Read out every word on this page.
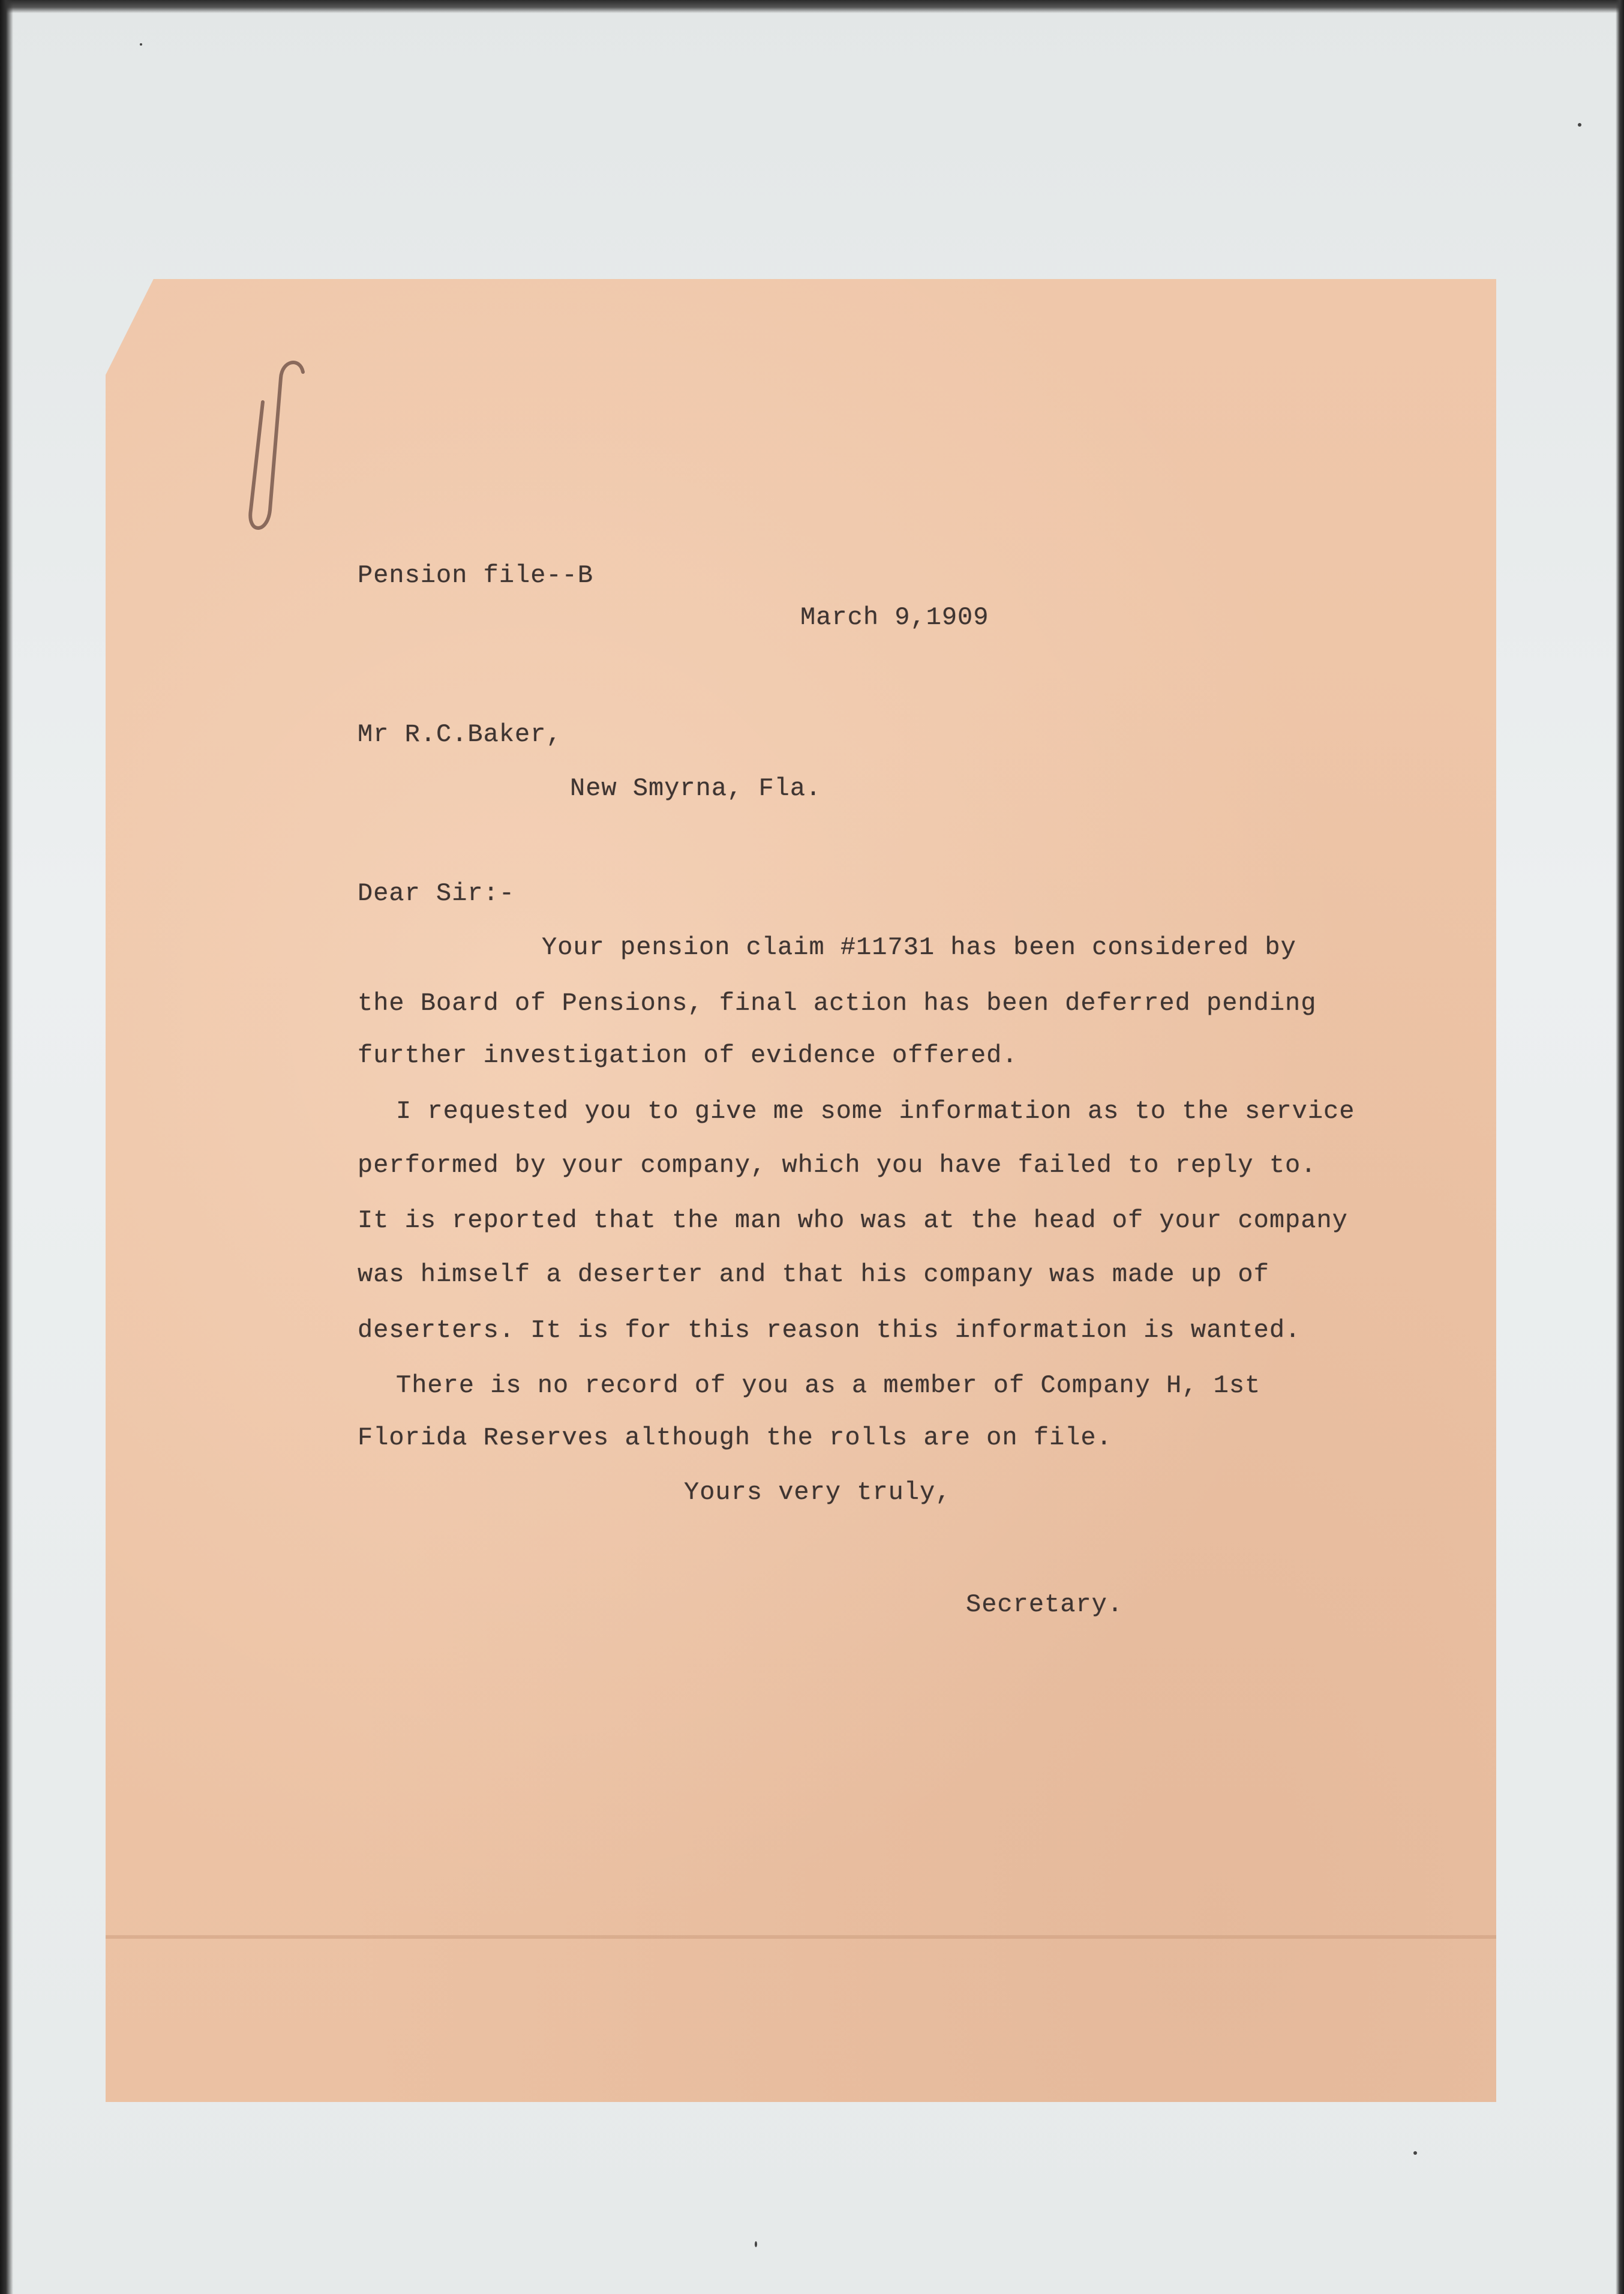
Pension file--B
March 9,1909
Mr R.C.Baker,
New Smyrna, Fla.
Dear Sir:-
Your pension claim #11731 has been considered by
the Board of Pensions, final action has been deferred pending
further investigation of evidence offered.
I requested you to give me some information as to the service
performed by your company, which you have failed to reply to.
It is reported that the man who was at the head of your company
was himself a deserter and that his company was made up of
deserters. It is for this reason this information is wanted.
There is no record of you as a member of Company H, 1st
Florida Reserves although the rolls are on file.
Yours very truly,
Secretary.
